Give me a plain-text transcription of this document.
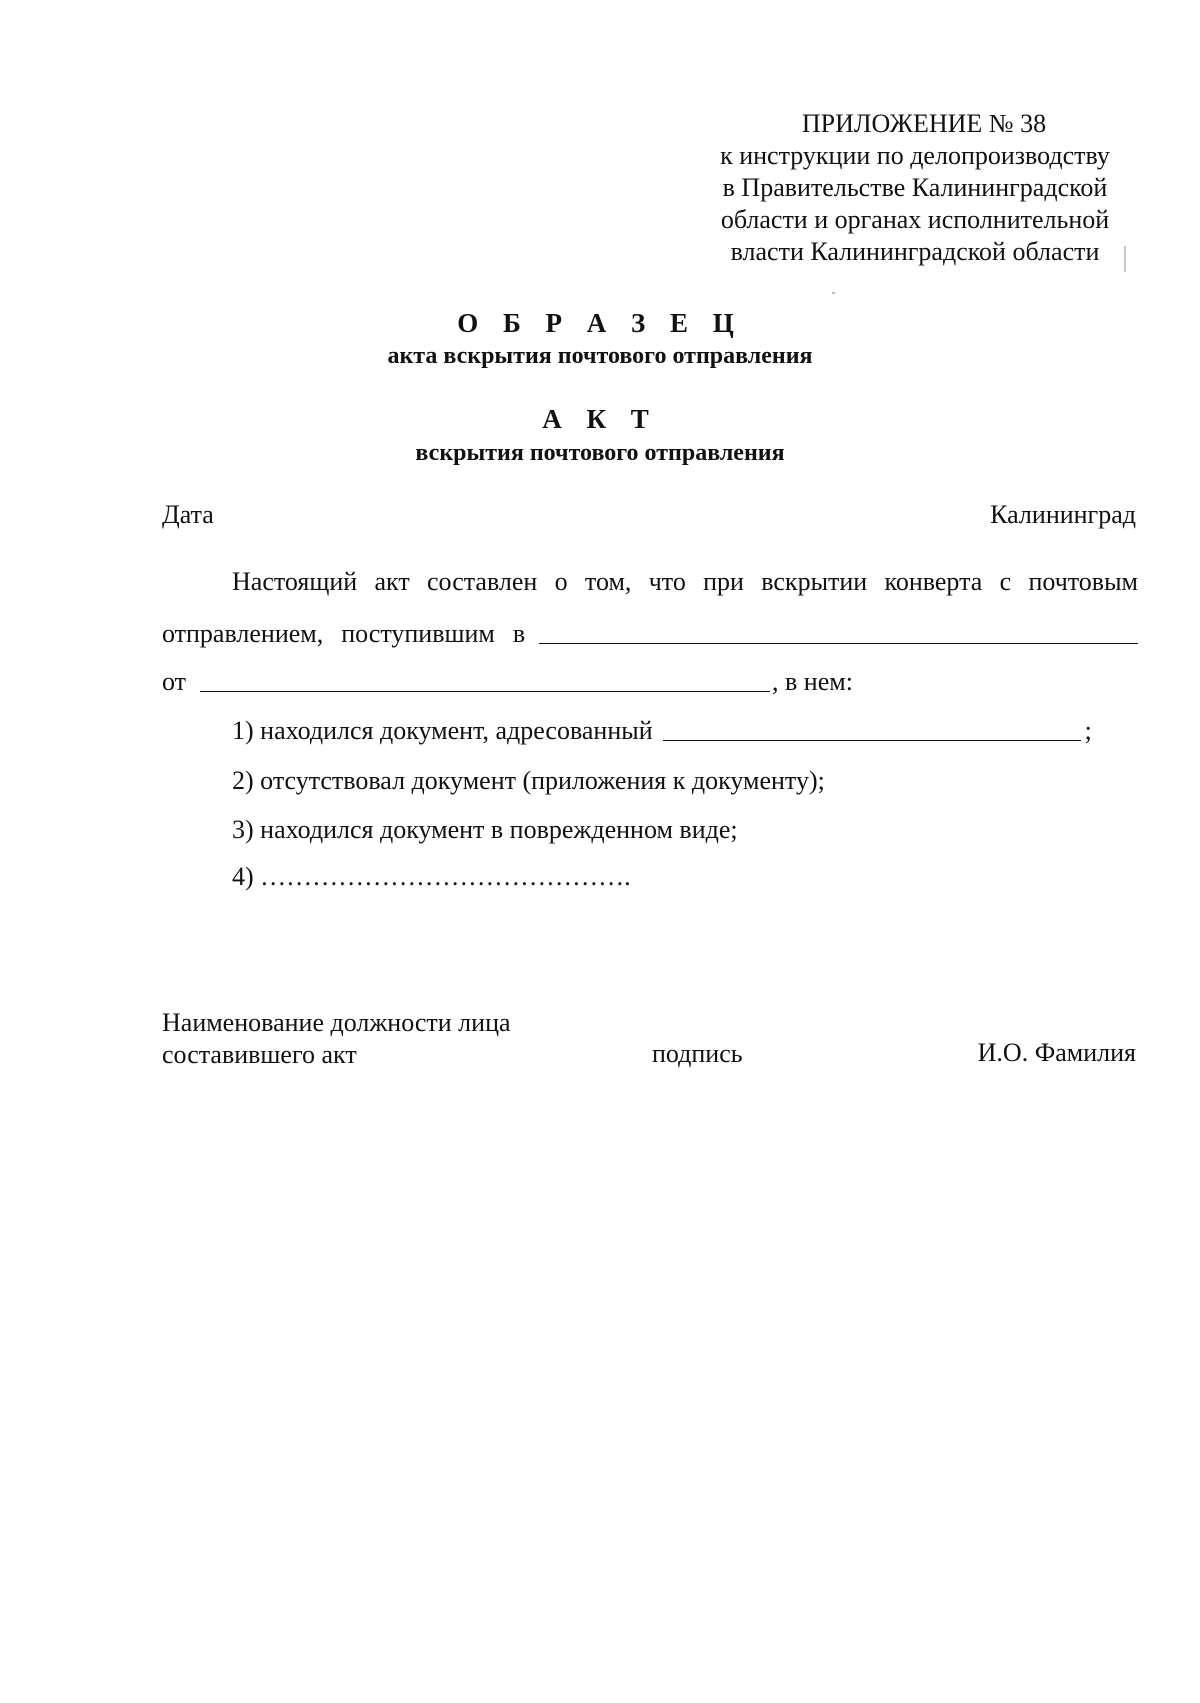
ПРИЛОЖЕНИЕ № 38
к инструкции по делопроизводству
в Правительстве Калининградской
области и органах исполнительной
власти Калининградской области
О Б Р А З Е Ц
акта вскрытия почтового отправления
А К Т
вскрытия почтового отправления
Дата	Калининград
Настоящий акт составлен о том, что при вскрытии конверта с почтовым
отправлением, поступившим в
от	, в нем:
1) находился документ, адресованный	;
2) отсутствовал документ (приложения к документу);
3) находился документ в поврежденном виде;
4) …………………………………….
Наименование должности лица
составившего акт	подпись	И.О. Фамилия
